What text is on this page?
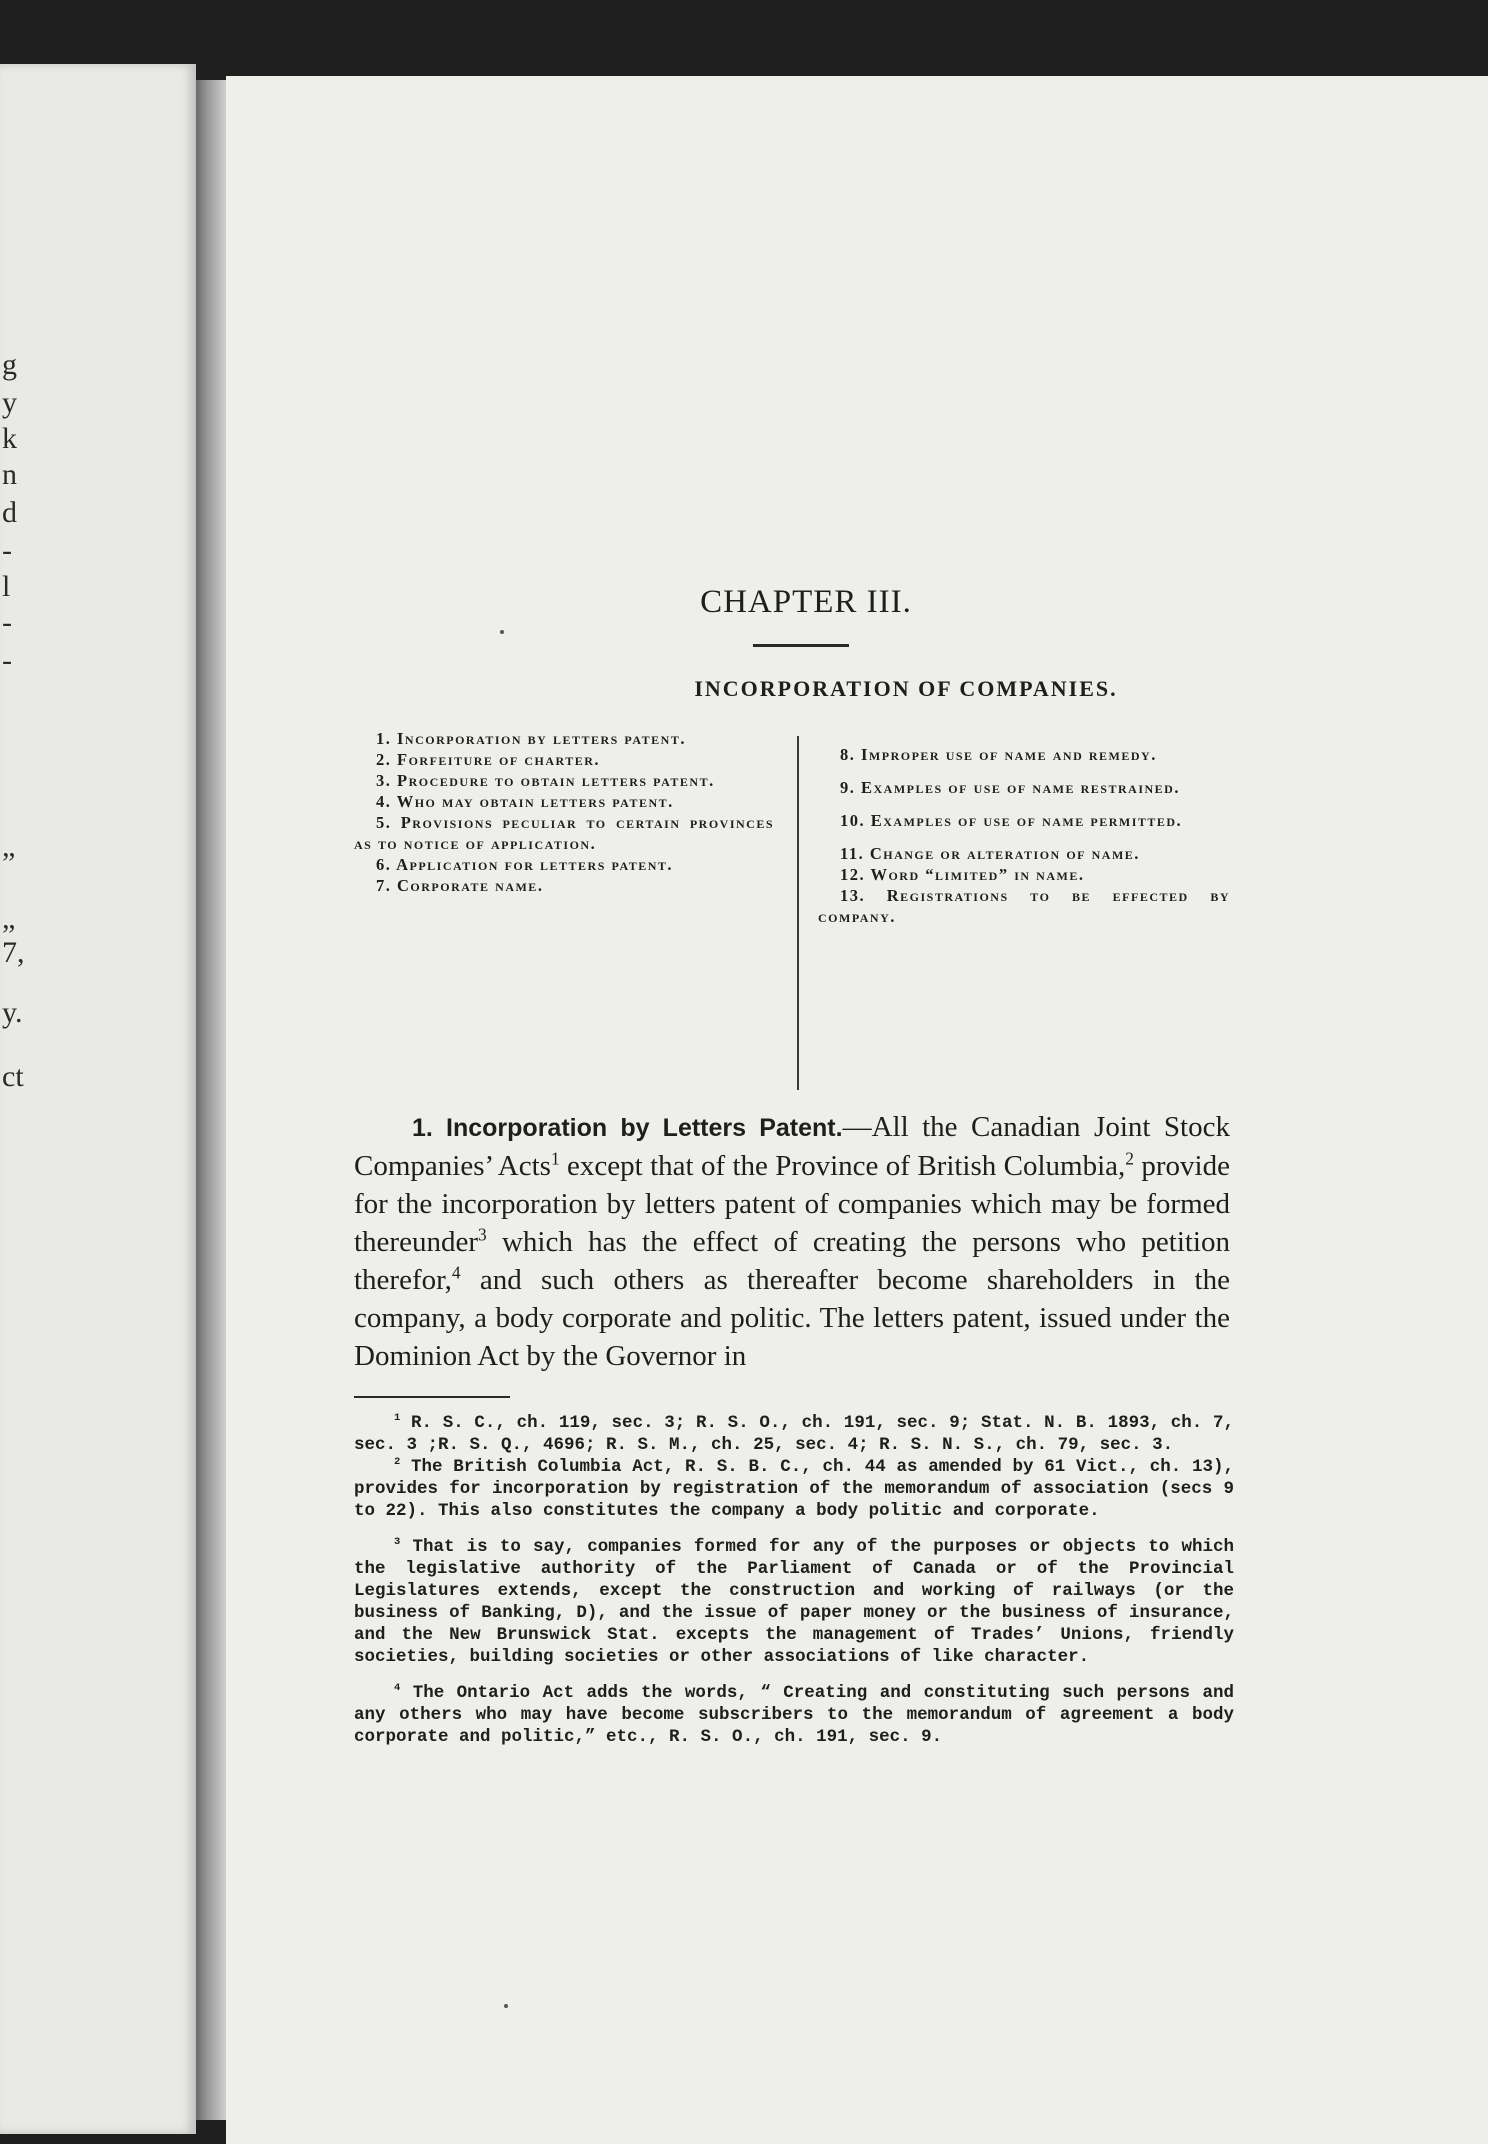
g
y
k
n
d
-
l
-
-
„
„
7,
y.
ct
CHAPTER III.
INCORPORATION OF COMPANIES.
1. Incorporation by letters patent.
2. Forfeiture of charter.
3. Procedure to obtain letters patent.
4. Who may obtain letters patent.
5. Provisions peculiar to certain provinces as to notice of application.
6. Application for letters patent.
7. Corporate name.
8. Improper use of name and remedy.
9. Examples of use of name restrained.
10. Examples of use of name permitted.
11. Change or alteration of name.
12. Word “limited” in name.
13. Registrations to be effected by company.
1. Incorporation by Letters Patent.—All the Canadian Joint Stock Companies’ Acts$^1$ except that of the Province of British Columbia,$^2$ provide for the incorporation by letters patent of companies which may be formed thereunder$^3$ which has the effect of creating the persons who petition therefor,$^4$ and such others as thereafter become shareholders in the company, a body corporate and politic. The letters patent, issued under the Dominion Act by the Governor in
$^1$ R. S. C., ch. 119, sec. 3; R. S. O., ch. 191, sec. 9; Stat. N. B. 1893, ch. 7, sec. 3 ;R. S. Q., 4696; R. S. M., ch. 25, sec. 4; R. S. N. S., ch. 79, sec. 3.
$^2$ The British Columbia Act, R. S. B. C., ch. 44 as amended by 61 Vict., ch. 13), provides for incorporation by registration of the memorandum of association (secs 9 to 22). This also constitutes the company a body politic and corporate.
$^3$ That is to say, companies formed for any of the purposes or objects to which the legislative authority of the Parliament of Canada or of the Provincial Legislatures extends, except the construction and working of railways (or the business of Banking, D), and the issue of paper money or the business of insurance, and the New Brunswick Stat. excepts the management of Trades’ Unions, friendly societies, building societies or other associations of like character.
$^4$ The Ontario Act adds the words, “ Creating and constituting such persons and any others who may have become subscribers to the memorandum of agreement a body corporate and politic,” etc., R. S. O., ch. 191, sec. 9.
